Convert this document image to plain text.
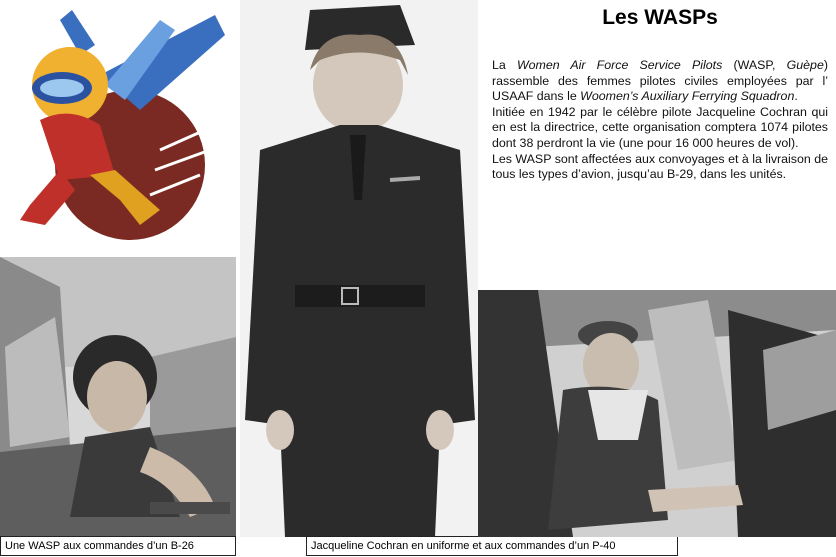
Une WASP aux commandes d’un B-26	Jacqueline Cochran en uniforme et aux commandes d’un P-40
Les WASPs

La Women Air Force Service Pilots (WASP, Guèpe) rassemble des femmes pilotes civiles employées par l’ USAAF dans le Woomen’s Auxiliary Ferrying Squadron.

Initiée en 1942 par le célèbre pilote Jacqueline Cochran qui en est la directrice, cette organisation comptera 1074 pilotes dont 38 perdront la vie (une pour 16 000 heures de vol).

Les WASP sont affectées aux convoyages et à la livraison de tous les types d’avion, jusqu’au B-29, dans les unités.
